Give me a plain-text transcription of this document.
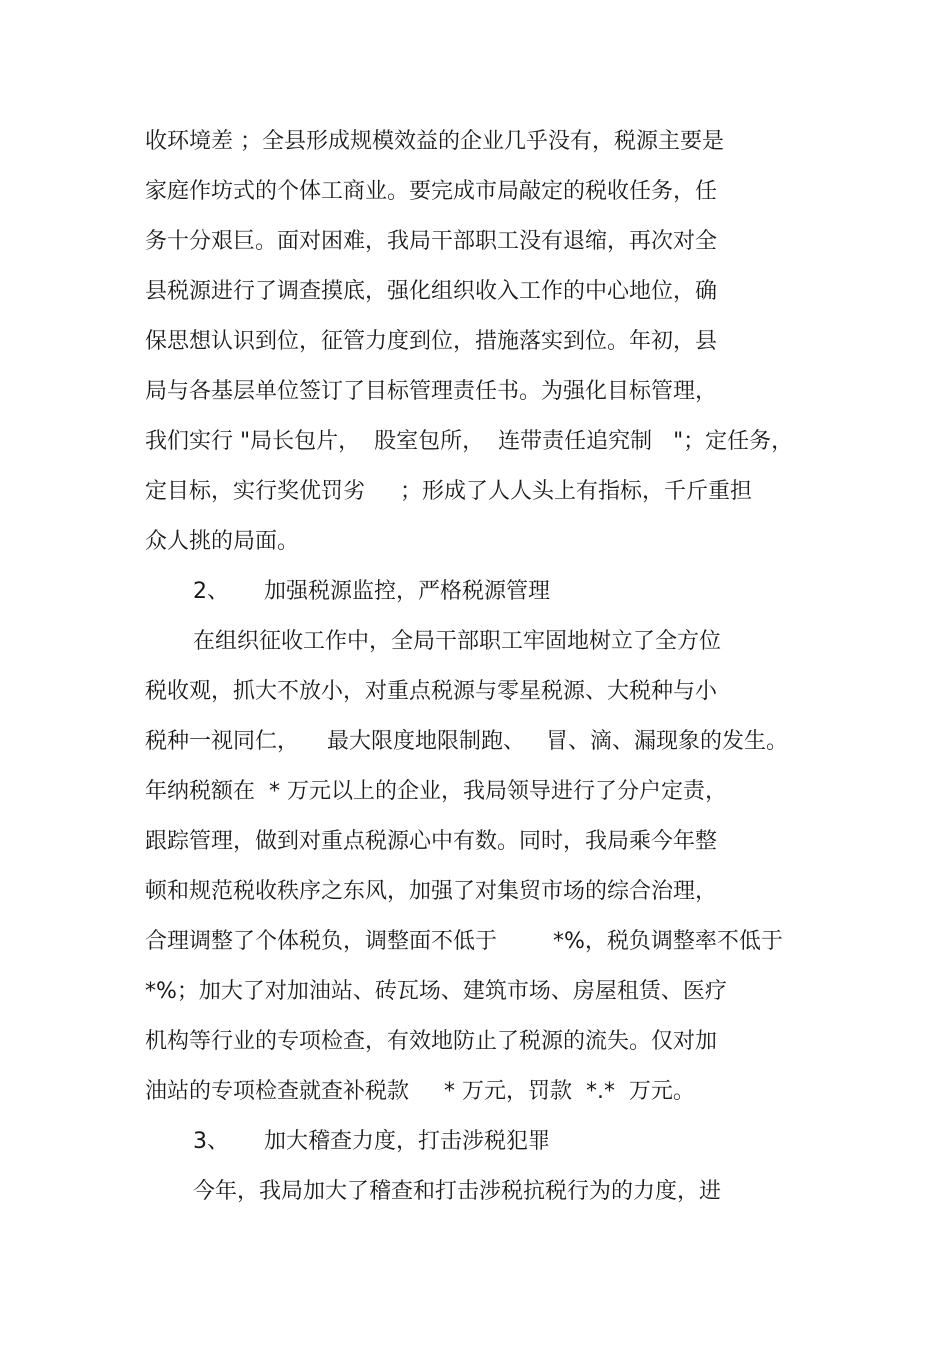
收环境差 ；全县形成规模效益的企业几乎没有，税源主要是
家庭作坊式的个体工商业。要完成市局敲定的税收任务，任
务十分艰巨。面对困难，我局干部职工没有退缩，再次对全
县税源进行了调查摸底，强化组织收入工作的中心地位，确
保思想认识到位，征管力度到位，措施落实到位。年初，县
局与各基层单位签订了目标管理责任书。为强化目标管理，
我们实行 "局长包片，  股室包所，  连带责任追究制   "；定任务，
定目标，实行奖优罚劣     ；形成了人人头上有指标，千斤重担
众人挑的局面。
2、     加强税源监控，严格税源管理
在组织征收工作中，全局干部职工牢固地树立了全方位
税收观，抓大不放小，对重点税源与零星税源、大税种与小
税种一视同仁，    最大限度地限制跑、   冒、滴、漏现象的发生。
年纳税额在  * 万元以上的企业，我局领导进行了分户定责，
跟踪管理，做到对重点税源心中有数。同时，我局乘今年整
顿和规范税收秩序之东风，加强了对集贸市场的综合治理，
合理调整了个体税负，调整面不低于        *%，税负调整率不低于
*%；加大了对加油站、砖瓦场、建筑市场、房屋租赁、医疗
机构等行业的专项检查，有效地防止了税源的流失。仅对加
油站的专项检查就查补税款     * 万元，罚款  *.*  万元。
3、     加大稽查力度，打击涉税犯罪
今年，我局加大了稽查和打击涉税抗税行为的力度，进
